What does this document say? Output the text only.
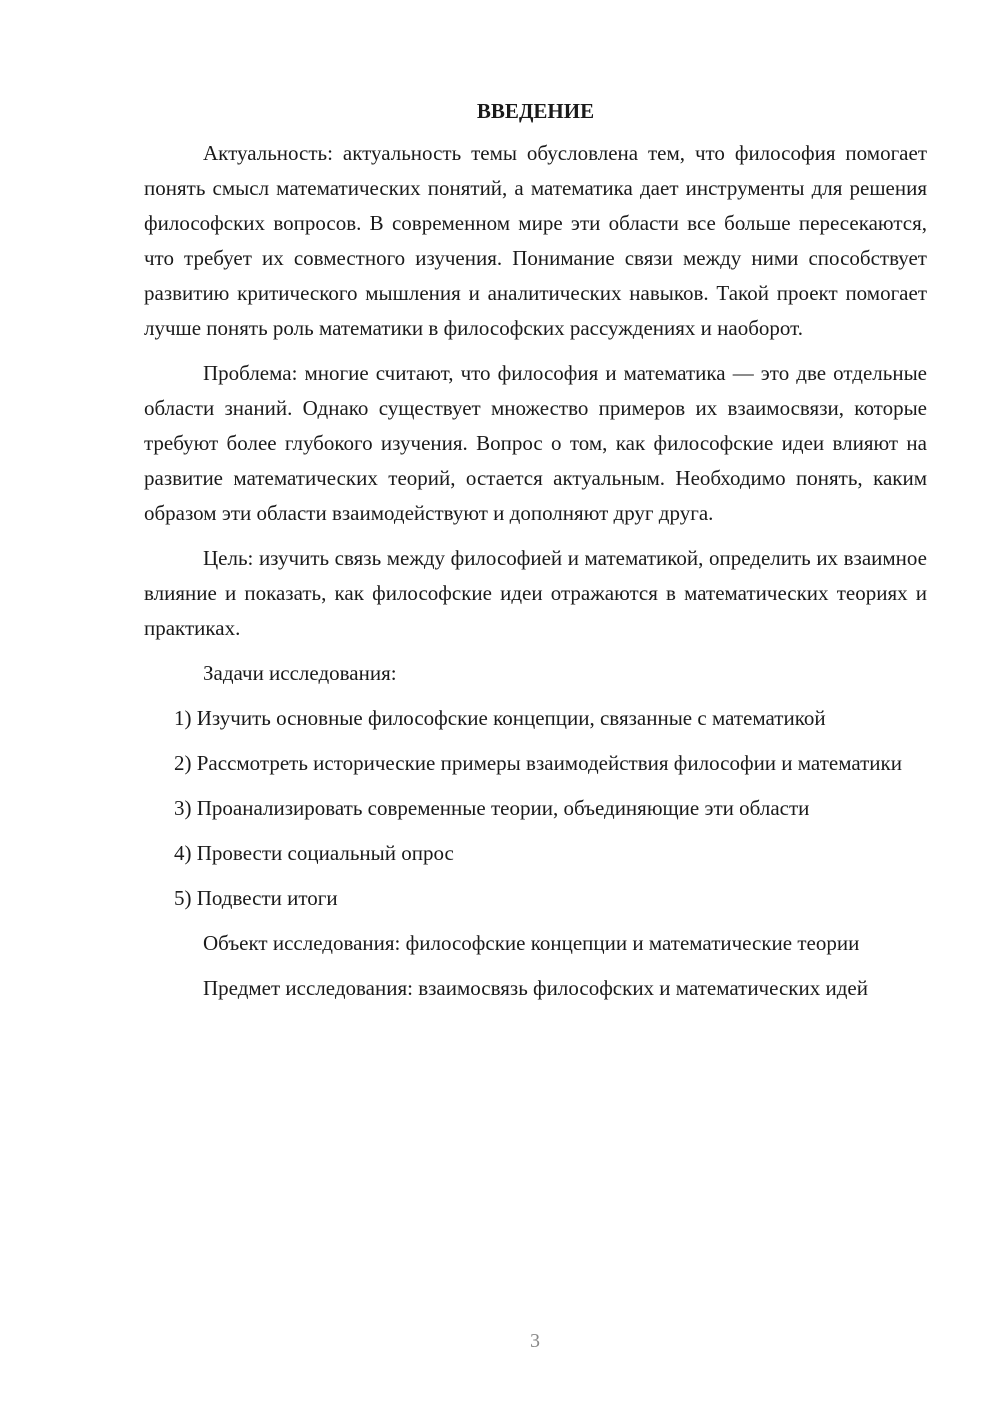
ВВЕДЕНИЕ

Актуальность: актуальность темы обусловлена тем, что философия помогает понять смысл математических понятий, а математика дает инструменты для решения философских вопросов. В современном мире эти области все больше пересекаются, что требует их совместного изучения. Понимание связи между ними способствует развитию критического мышления и аналитических навыков. Такой проект помогает лучше понять роль математики в философских рассуждениях и наоборот.

Проблема: многие считают, что философия и математика — это две отдельные области знаний. Однако существует множество примеров их взаимосвязи, которые требуют более глубокого изучения. Вопрос о том, как философские идеи влияют на развитие математических теорий, остается актуальным. Необходимо понять, каким образом эти области взаимодействуют и дополняют друг друга.

Цель: изучить связь между философией и математикой, определить их взаимное влияние и показать, как философские идеи отражаются в математических теориях и практиках.

Задачи исследования:

1) Изучить основные философские концепции, связанные с математикой

2) Рассмотреть исторические примеры взаимодействия философии и математики

3) Проанализировать современные теории, объединяющие эти области

4) Провести социальный опрос

5) Подвести итоги

Объект исследования: философские концепции и математические теории

Предмет исследования: взаимосвязь философских и математических идей

3
